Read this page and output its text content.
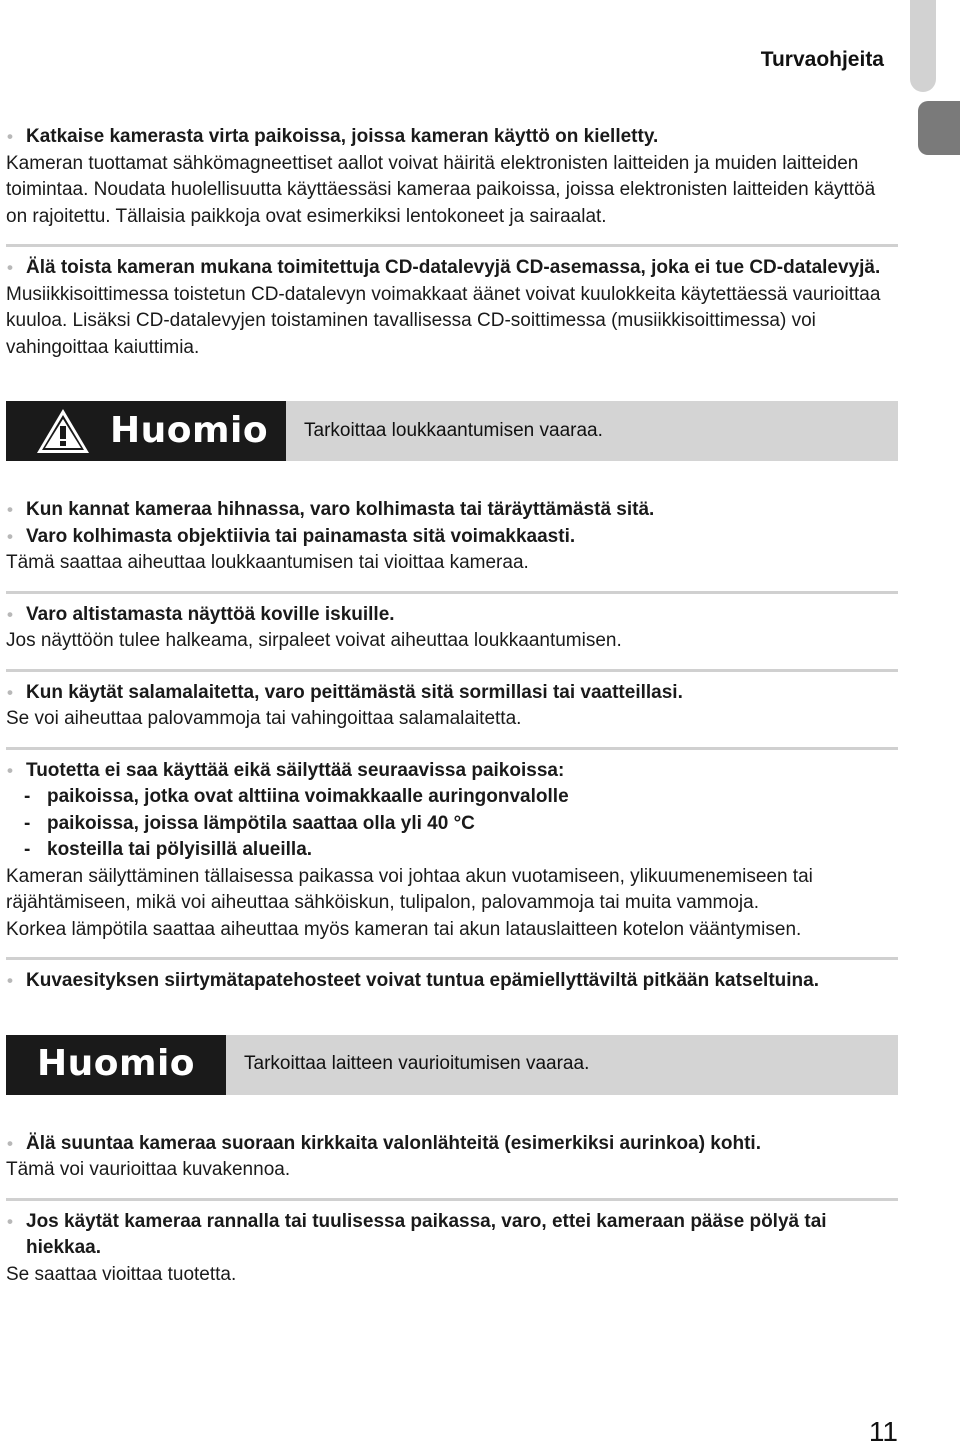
Turvaohjeita
• Katkaise kamerasta virta paikoissa, joissa kameran käyttö on kielletty.

Kameran tuottamat sähkömagneettiset aallot voivat häiritä elektronisten laitteiden ja muiden laitteiden toimintaa. Noudata huolellisuutta käyttäessäsi kameraa paikoissa, joissa elektronisten laitteiden käyttöä on rajoitettu. Tällaisia paikkoja ovat esimerkiksi lentokoneet ja sairaalat.

• Älä toista kameran mukana toimitettuja CD-datalevyjä CD-asemassa, joka ei tue CD-datalevyjä.

Musiikkisoittimessa toistetun CD-datalevyn voimakkaat äänet voivat kuulokkeita käytettäessä vaurioittaa kuuloa. Lisäksi CD-datalevyjen toistaminen tavallisessa CD-soittimessa (musiikkisoittimessa) voi vahingoittaa kaiuttimia.

Huomio Tarkoittaa loukkaantumisen vaaraa.
• Kun kannat kameraa hihnassa, varo kolhimasta tai täräyttämästä sitä.
• Varo kolhimasta objektiivia tai painamasta sitä voimakkaasti.

Tämä saattaa aiheuttaa loukkaantumisen tai vioittaa kameraa.

• Varo altistamasta näyttöä koville iskuille.

Jos näyttöön tulee halkeama, sirpaleet voivat aiheuttaa loukkaantumisen.

• Kun käytät salamalaitetta, varo peittämästä sitä sormillasi tai vaatteillasi.

Se voi aiheuttaa palovammoja tai vahingoittaa salamalaitetta.

• Tuotetta ei saa käyttää eikä säilyttää seuraavissa paikoissa:
- paikoissa, jotka ovat alttiina voimakkaalle auringonvalolle
- paikoissa, joissa lämpötila saattaa olla yli 40 °C
- kosteilla tai pölyisillä alueilla.

Kameran säilyttäminen tällaisessa paikassa voi johtaa akun vuotamiseen, ylikuumenemiseen tai räjähtämiseen, mikä voi aiheuttaa sähköiskun, tulipalon, palovammoja tai muita vammoja.

Korkea lämpötila saattaa aiheuttaa myös kameran tai akun latauslaitteen kotelon vääntymisen.

• Kuvaesityksen siirtymätapatehosteet voivat tuntua epämiellyttäviltä pitkään katseltuina.
Huomio	Tarkoittaa laitteen vaurioitumisen vaaraa.
• Älä suuntaa kameraa suoraan kirkkaita valonlähteitä (esimerkiksi aurinkoa) kohti.

Tämä voi vaurioittaa kuvakennoa.

• Jos käytät kameraa rannalla tai tuulisessa paikassa, varo, ettei kameraan pääse pölyä tai hiekkaa.

Se saattaa vioittaa tuotetta.

11
